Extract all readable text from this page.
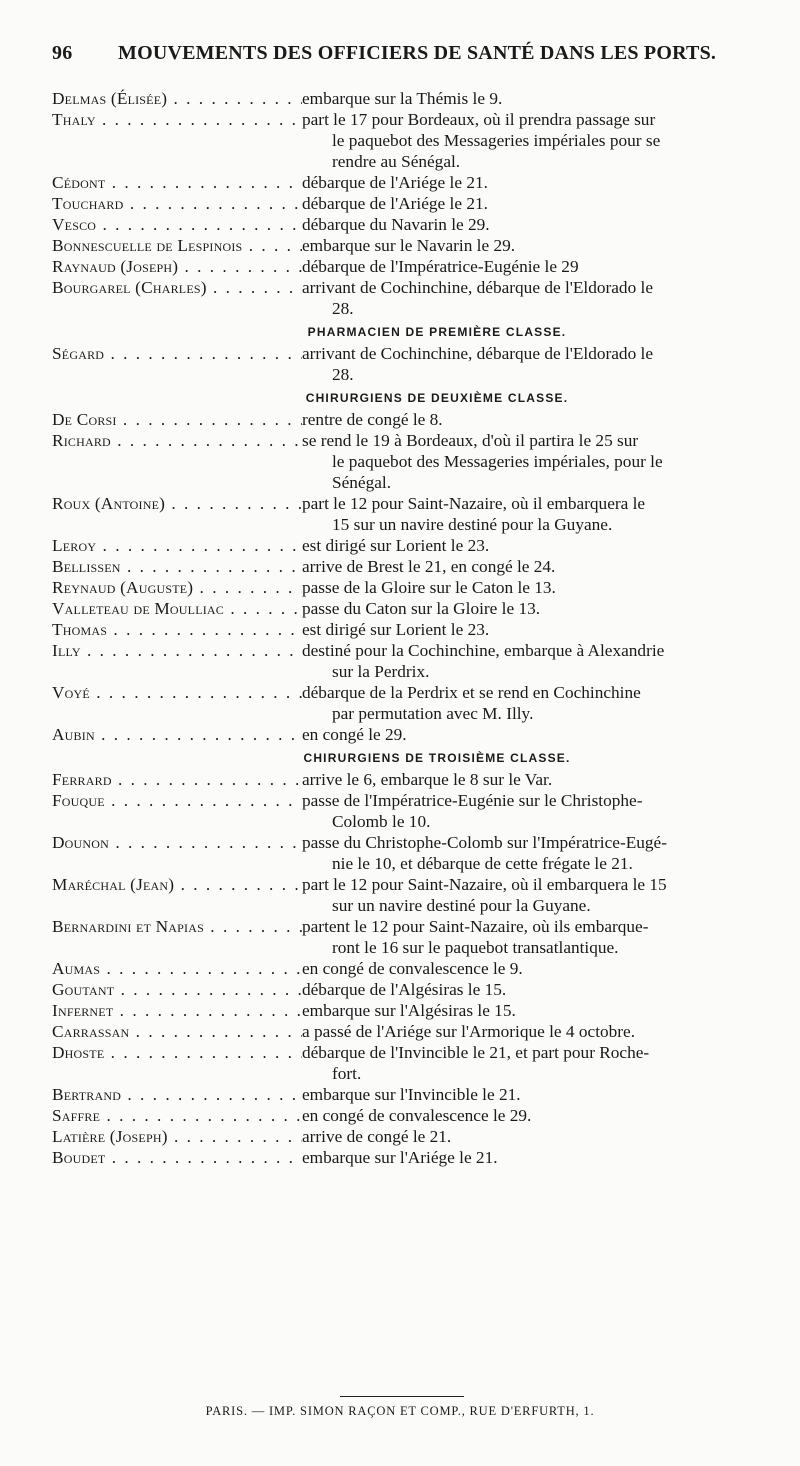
96 MOUVEMENTS DES OFFICIERS DE SANTÉ DANS LES PORTS.
Delmas (Élisée) . . .	embarque sur la Thémis le 9.
Thaly . . .	part le 17 pour Bordeaux, où il prendra passage sur
le paquebot des Messageries impériales pour se
rendre au Sénégal.
Cédont . . .	débarque de l'Ariége le 21.
Touchard . . .	débarque de l'Ariége le 21.
Vesco . . .	débarque du Navarin le 29.
Bonnescuelle de Lespinois . . .	embarque sur le Navarin le 29.
Raynaud (Joseph) . . .	débarque de l'Impératrice-Eugénie le 29
Bourgarel (Charles) . . .	arrivant de Cochinchine, débarque de l'Eldorado le
28.
PHARMACIEN DE PREMIÈRE CLASSE.
Ségard . . .	arrivant de Cochinchine, débarque de l'Eldorado le
28.
CHIRURGIENS DE DEUXIÈME CLASSE.
De Corsi . . .	rentre de congé le 8.
Richard . . .	se rend le 19 à Bordeaux, d'où il partira le 25 sur
le paquebot des Messageries impériales, pour le
Sénégal.
Roux (Antoine) . . .	part le 12 pour Saint-Nazaire, où il embarquera le
15 sur un navire destiné pour la Guyane.
Leroy . . .	est dirigé sur Lorient le 23.
Bellissen . . .	arrive de Brest le 21, en congé le 24.
Reynaud (Auguste) . . .	passe de la Gloire sur le Caton le 13.
Valleteau de Moulliac . . .	passe du Caton sur la Gloire le 13.
Thomas . . .	est dirigé sur Lorient le 23.
Illy . . .	destiné pour la Cochinchine, embarque à Alexandrie
sur la Perdrix.
Voyé . . .	débarque de la Perdrix et se rend en Cochinchine
par permutation avec M. Illy.
Aubin . . .	en congé le 29.
CHIRURGIENS DE TROISIÈME CLASSE.
Ferrard . . .	arrive le 6, embarque le 8 sur le Var.
Fouque . . .	passe de l'Impératrice-Eugénie sur le Christophe-
Colomb le 10.
Dounon . . .	passe du Christophe-Colomb sur l'Impératrice-Eugé-
nie le 10, et débarque de cette frégate le 21.
Maréchal (Jean) . . .	part le 12 pour Saint-Nazaire, où il embarquera le 15
sur un navire destiné pour la Guyane.
Bernardini et Napias . . .	partent le 12 pour Saint-Nazaire, où ils embarque-
ront le 16 sur le paquebot transatlantique.
Aumas . . .	en congé de convalescence le 9.
Goutant . . .	débarque de l'Algésiras le 15.
Infernet . . .	embarque sur l'Algésiras le 15.
Carrassan . . .	a passé de l'Ariége sur l'Armorique le 4 octobre.
Dhoste . . .	débarque de l'Invincible le 21, et part pour Roche-
fort.
Bertrand . . .	embarque sur l'Invincible le 21.
Saffre . . .	en congé de convalescence le 29.
Latière (Joseph) . . .	arrive de congé le 21.
Boudet . . .	embarque sur l'Ariége le 21.
PARIS. — IMP. SIMON RAÇON ET COMP., RUE D'ERFURTH, 1.
